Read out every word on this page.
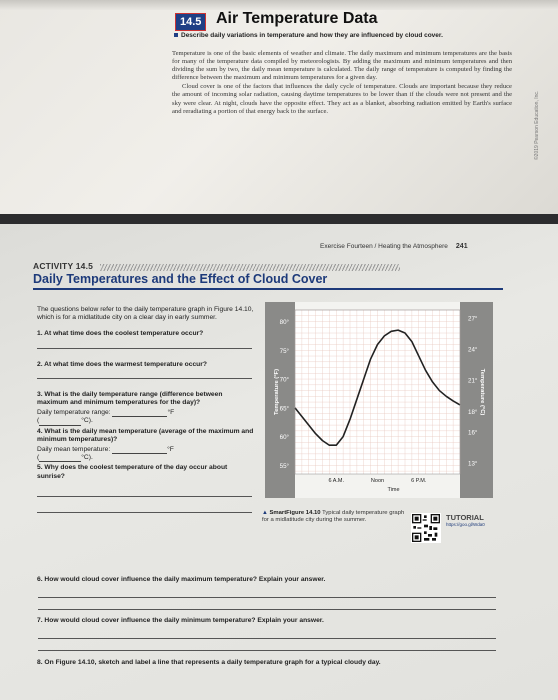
14.5 Air Temperature Data
Describe daily variations in temperature and how they are influenced by cloud cover.

Temperature is one of the basic elements of weather and climate. The daily maximum and minimum temperatures are the basis for many of the temperature data compiled by meteorologists. By adding the maximum and minimum temperatures and then dividing the sum by two, the daily mean temperature is calculated. The daily range of temperature is computed by finding the difference between the maximum and minimum temperatures for a given day.

Cloud cover is one of the factors that influences the daily cycle of temperature. Clouds are important because they reduce the amount of incoming solar radiation, causing daytime temperatures to be lower than if the clouds were not present and the sky were clear. At night, clouds have the opposite effect. They act as a blanket, absorbing radiation emitted by Earth's surface and reradiating a portion of that energy back to the surface.	©2019 Pearson Education, Inc.
Exercise Fourteen / Heating the Atmosphere 241
ACTIVITY 14.5
Daily Temperatures and the Effect of Cloud Cover
The questions below refer to the daily temperature graph in Figure 14.10, which is for a midlatitude city on a clear day in early summer.
1. At what time does the coolest temperature occur?
2. At what time does the warmest temperature occur?
3. What is the daily temperature range (difference between maximum and minimum temperatures for the day)?
Daily temperature range:	°F
(	°C).
4. What is the daily mean temperature (average of the maximum and minimum temperatures)?
Daily mean temperature:	°F
(	°C).
5. Why does the coolest temperature of the day occur about sunrise?
55°
60°
65°
70°
75°
80°
13°
16°
18°
21°
24°
27°
6 A.M.	Noon	6 P.M.
Time
Temperature (°F)	Temperature (°C)
▲ SmartFigure 14.10 Typical daily temperature graph for a midlatitude city during the summer.	TUTORIAL
https://goo.gl/Wda0
6. How would cloud cover influence the daily maximum temperature? Explain your answer.
7. How would cloud cover influence the daily minimum temperature? Explain your answer.
8. On Figure 14.10, sketch and label a line that represents a daily temperature graph for a typical cloudy day.
